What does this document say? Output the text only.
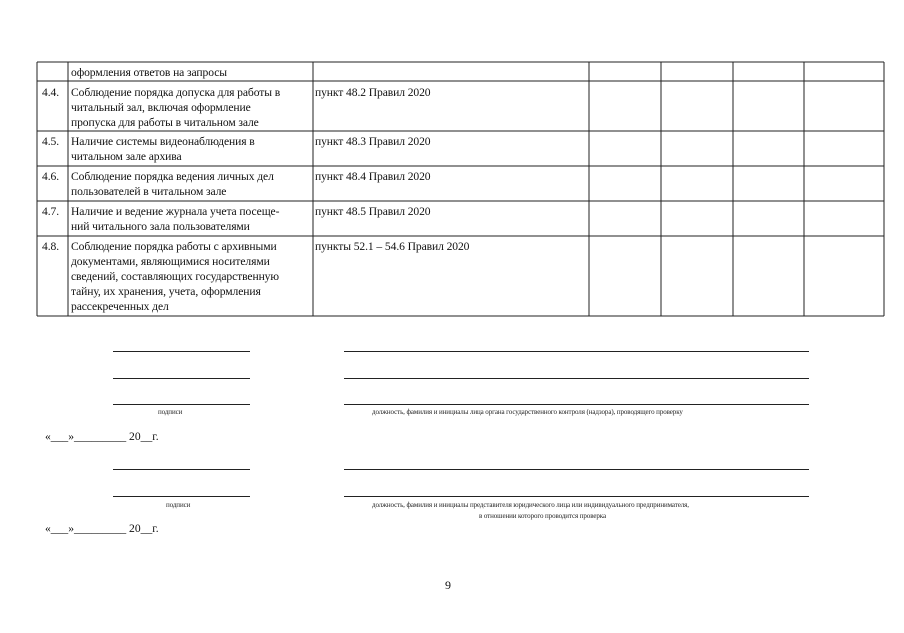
оформления ответов на запросы
4.4. Соблюдение порядка допуска для работы в
читальный зал, включая оформление
пропуска для работы в читальном зале
пункт 48.2 Правил 2020
4.5. Наличие системы видеонаблюдения в
читальном зале архива
пункт 48.3 Правил 2020
4.6. Соблюдение порядка ведения личных дел
пользователей в читальном зале
пункт 48.4 Правил 2020
4.7. Наличие и ведение журнала учета посеще-
ний читального зала пользователями
пункт 48.5 Правил 2020
4.8. Соблюдение порядка работы с архивными
документами, являющимися носителями
сведений, составляющих государственную
тайну, их хранения, учета, оформления
рассекреченных дел
пункты 52.1 – 54.6 Правил 2020
подписи	должность, фамилия и инициалы лица органа государственного контроля (надзора), проводящего проверку
«___»_________ 20__г.
подписи	должность, фамилия и инициалы представителя юридического лица или индивидуального предпринимателя,
в отношении которого проводится проверка
«___»_________ 20__г.
9
